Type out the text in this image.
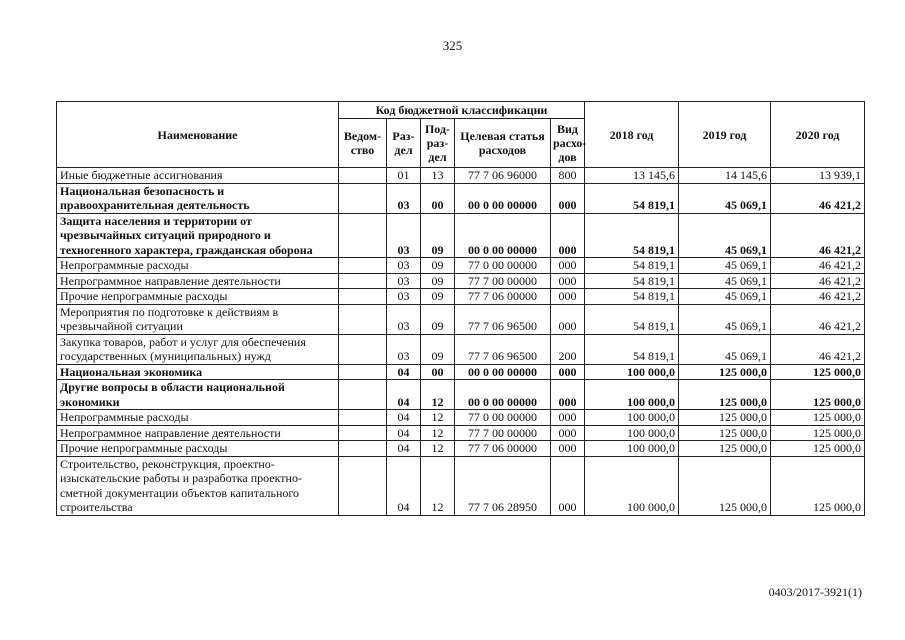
325
Наименование	Код бюджетной классификации					2018 год	2019 год	2020 год
	Ведом-ство	Раз-дел	Под-раз-дел	Целевая статья расходов	Вид расхо-дов			
Иные бюджетные ассигнования		01	13	77 7 06 96000	800	13 145,6	14 145,6	13 939,1
Национальная безопасность и правоохранительная деятельность		03	00	00 0 00 00000	000	54 819,1	45 069,1	46 421,2
Защита населения и территории от чрезвычайных ситуаций природного и техногенного характера, гражданская оборона		03	09	00 0 00 00000	000	54 819,1	45 069,1	46 421,2
Непрограммные расходы		03	09	77 0 00 00000	000	54 819,1	45 069,1	46 421,2
Непрограммное направление деятельности		03	09	77 7 00 00000	000	54 819,1	45 069,1	46 421,2
Прочие непрограммные расходы		03	09	77 7 06 00000	000	54 819,1	45 069,1	46 421,2
Мероприятия по подготовке к действиям в чрезвычайной ситуации		03	09	77 7 06 96500	000	54 819,1	45 069,1	46 421,2
Закупка товаров, работ и услуг для обеспечения государственных (муниципальных) нужд		03	09	77 7 06 96500	200	54 819,1	45 069,1	46 421,2
Национальная экономика		04	00	00 0 00 00000	000	100 000,0	125 000,0	125 000,0
Другие вопросы в области национальной экономики		04	12	00 0 00 00000	000	100 000,0	125 000,0	125 000,0
Непрограммные расходы		04	12	77 0 00 00000	000	100 000,0	125 000,0	125 000,0
Непрограммное направление деятельности		04	12	77 7 00 00000	000	100 000,0	125 000,0	125 000,0
Прочие непрограммные расходы		04	12	77 7 06 00000	000	100 000,0	125 000,0	125 000,0
Строительство, реконструкция, проектно-изыскательские работы и разработка проектно-сметной документации объектов капитального строительства		04	12	77 7 06 28950	000	100 000,0	125 000,0	125 000,0
0403/2017-3921(1)
